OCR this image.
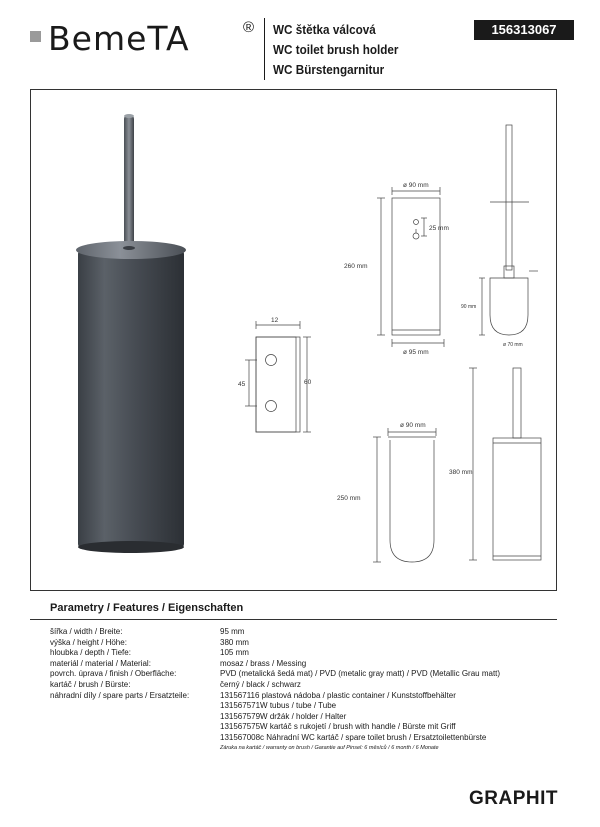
BemeTA	® WC štětka válcová
WC toilet brush holder
WC Bürstengarnitur
156313067
12
45	60
ø 90 mm
25 mm
260 mm
ø 95 mm
90 mm
ø 70 mm
ø 90 mm
250 mm
380 mm
Parametry / Features / Eigenschaften
šířka / width / Breite:	95 mm
výška / height / Höhe:	380 mm
hloubka / depth / Tiefe:	105 mm
materiál / material / Material:	mosaz / brass / Messing
povrch. úprava / finish / Oberfläche:	PVD (metalická šedá mat) / PVD (metalic gray matt) / PVD (Metallic Grau matt)
kartáč / brush / Bürste:	černý / black / schwarz
náhradní díly / spare parts / Ersatzteile:	131567116 plastová nádoba / plastic container / Kunststoffbehälter
131567571W tubus / tube / Tube
131567579W držák / holder / Halter
131567575W kartáč s rukojetí / brush with handle / Bürste mit Griff
131567008c Náhradní WC kartáč / spare toilet brush / Ersatztoilettenbürste
Záruka na kartáč / warranty on brush / Garantie auf Pinsel: 6 měsíců / 6 month / 6 Monate
GRAPHIT
